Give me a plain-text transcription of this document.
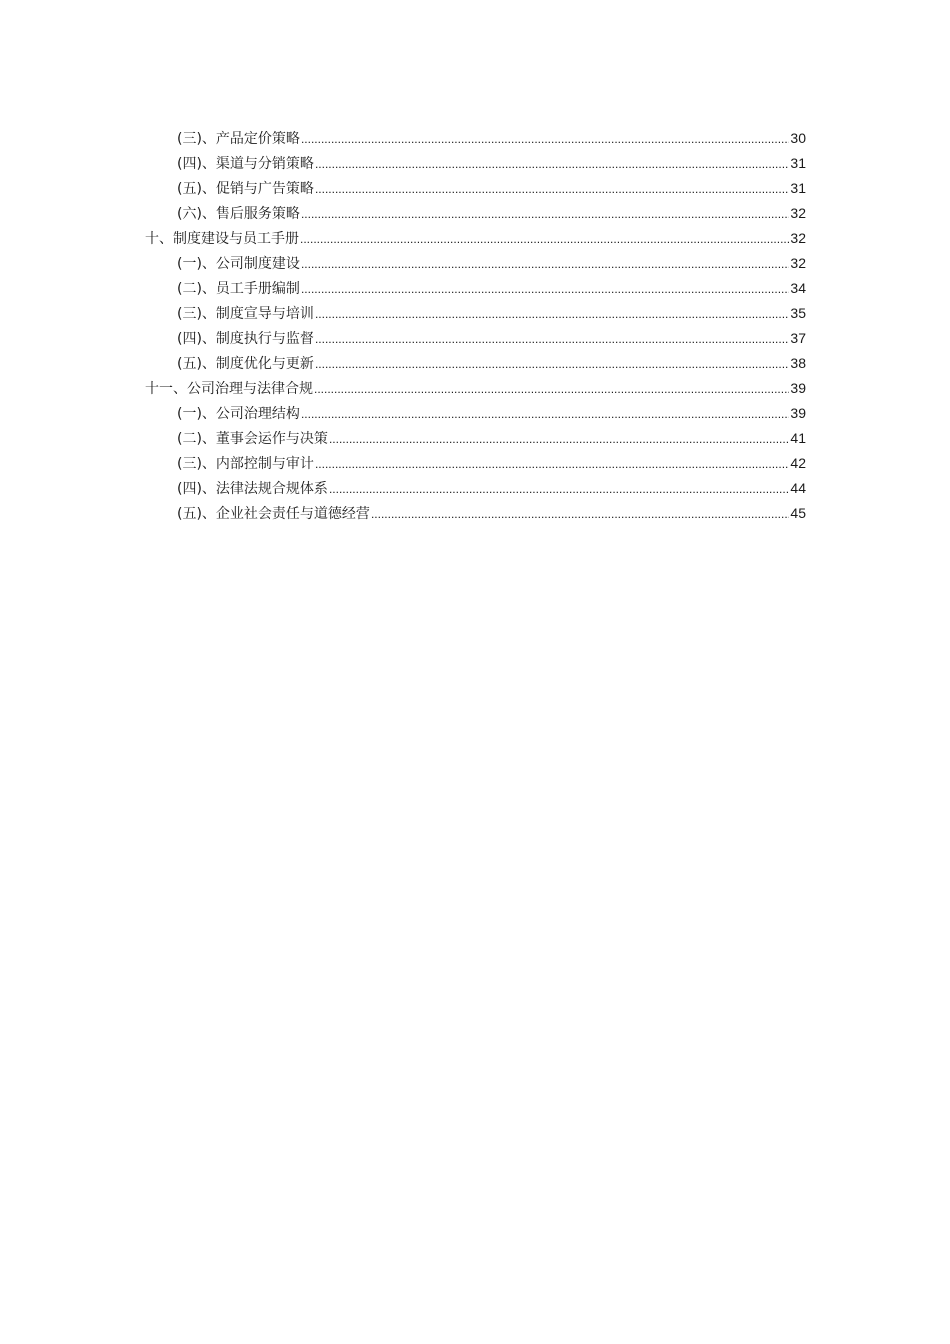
(三)、产品定价策略 .....	30
(四)、渠道与分销策略 .....	31
(五)、促销与广告策略 .....	31
(六)、售后服务策略 .....	32
十、制度建设与员工手册 .....	32
(一)、公司制度建设 .....	32
(二)、员工手册编制 .....	34
(三)、制度宣导与培训 .....	35
(四)、制度执行与监督 .....	37
(五)、制度优化与更新 .....	38
十一、公司治理与法律合规 .....	39
(一)、公司治理结构 .....	39
(二)、董事会运作与决策 .....	41
(三)、内部控制与审计 .....	42
(四)、法律法规合规体系 .....	44
(五)、企业社会责任与道德经营 .....	45
